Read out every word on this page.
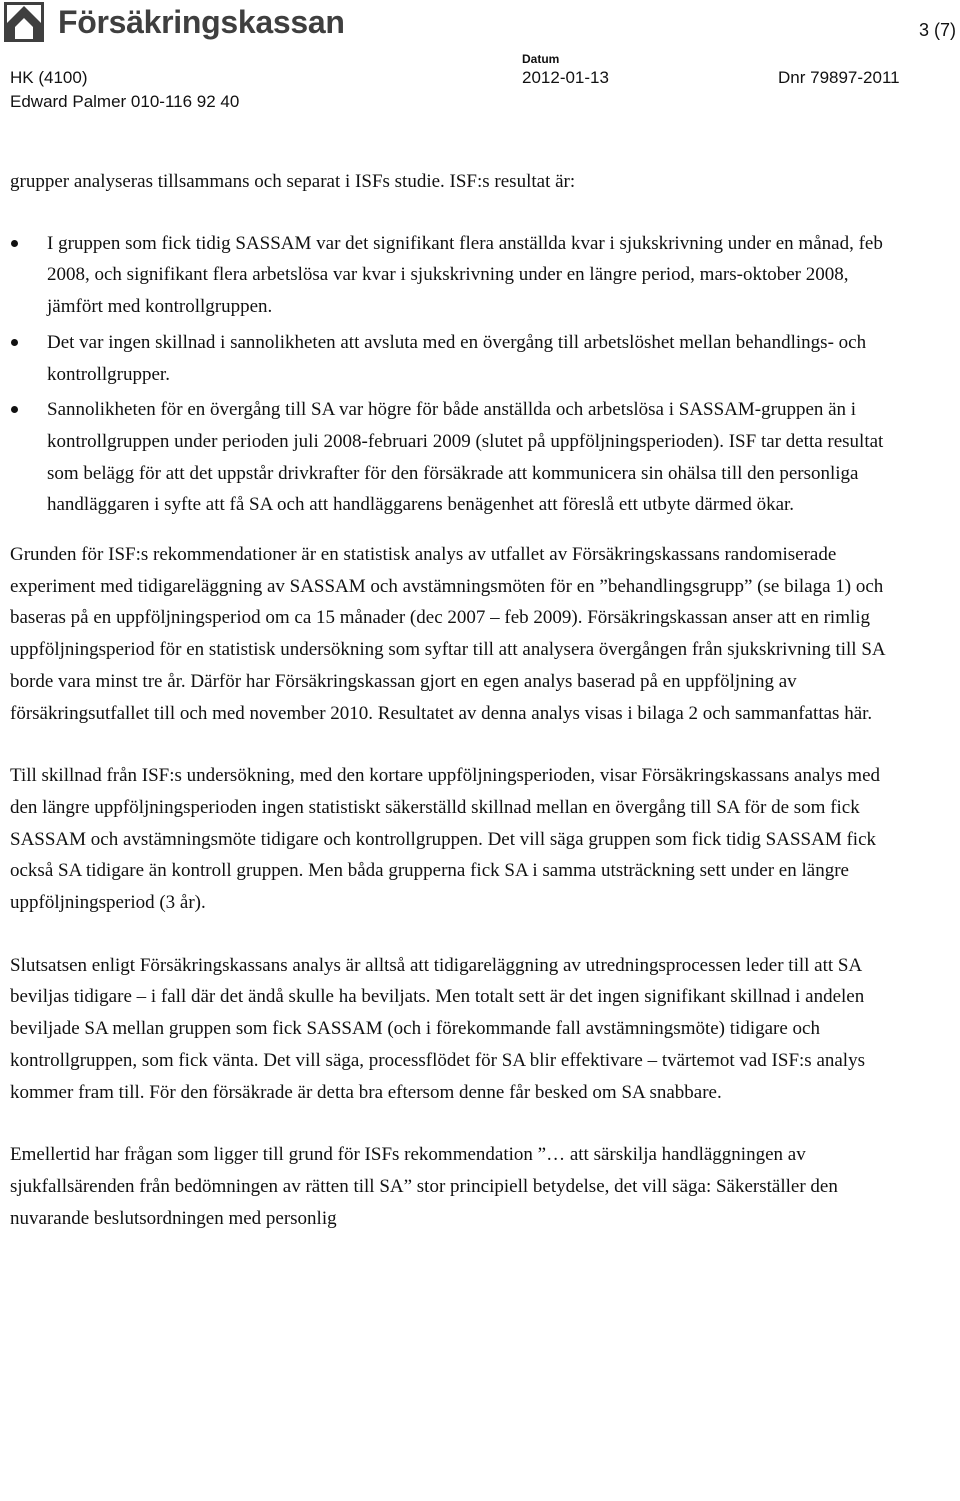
Försäkringskassan	3 (7)
HK (4100)
Edward Palmer 010-116 92 40
Datum
2012-01-13	Dnr 79897-2011

grupper analyseras tillsammans och separat i ISFs studie. ISF:s resultat är:

I gruppen som fick tidig SASSAM var det signifikant flera anställda kvar i sjukskrivning under en månad, feb 2008, och signifikant flera arbetslösa var kvar i sjukskrivning under en längre period, mars-oktober 2008, jämfört med kontrollgruppen.
Det var ingen skillnad i sannolikheten att avsluta med en övergång till arbetslöshet mellan behandlings- och kontrollgrupper.
Sannolikheten för en övergång till SA var högre för både anställda och arbetslösa i SASSAM-gruppen än i kontrollgruppen under perioden juli 2008-februari 2009 (slutet på uppföljningsperioden). ISF tar detta resultat som belägg för att det uppstår drivkrafter för den försäkrade att kommunicera sin ohälsa till den personliga handläggaren i syfte att få SA och att handläggarens benägenhet att föreslå ett utbyte därmed ökar.

Grunden för ISF:s rekommendationer är en statistisk analys av utfallet av Försäkringskassans randomiserade experiment med tidigareläggning av SASSAM och avstämningsmöten för en ”behandlingsgrupp” (se bilaga 1) och baseras på en uppföljningsperiod om ca 15 månader (dec 2007 – feb 2009). Försäkringskassan anser att en rimlig uppföljningsperiod för en statistisk undersökning som syftar till att analysera övergången från sjukskrivning till SA borde vara minst tre år. Därför har Försäkringskassan gjort en egen analys baserad på en uppföljning av försäkringsutfallet till och med november 2010. Resultatet av denna analys visas i bilaga 2 och sammanfattas här.

Till skillnad från ISF:s undersökning, med den kortare uppföljningsperioden, visar Försäkringskassans analys med den längre uppföljningsperioden ingen statistiskt säkerställd skillnad mellan en övergång till SA för de som fick SASSAM och avstämningsmöte tidigare och kontrollgruppen. Det vill säga gruppen som fick tidig SASSAM fick också SA tidigare än kontroll gruppen. Men båda grupperna fick SA i samma utsträckning sett under en längre uppföljningsperiod (3 år).

Slutsatsen enligt Försäkringskassans analys är alltså att tidigareläggning av utredningsprocessen leder till att SA beviljas tidigare – i fall där det ändå skulle ha beviljats. Men totalt sett är det ingen signifikant skillnad i andelen beviljade SA mellan gruppen som fick SASSAM (och i förekommande fall avstämningsmöte) tidigare och kontrollgruppen, som fick vänta. Det vill säga, processflödet för SA blir effektivare – tvärtemot vad ISF:s analys kommer fram till. För den försäkrade är detta bra eftersom denne får besked om SA snabbare.

Emellertid har frågan som ligger till grund för ISFs rekommendation ”… att särskilja handläggningen av sjukfallsärenden från bedömningen av rätten till SA” stor principiell betydelse, det vill säga: Säkerställer den nuvarande beslutsordningen med personlig
